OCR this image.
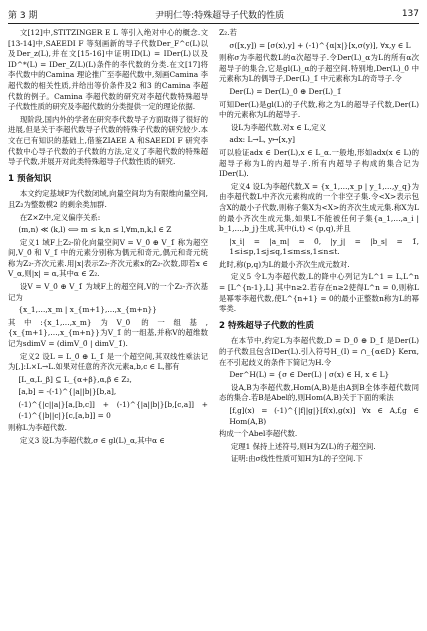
第 3 期	尹明仁等:特殊超导子代数的性质	137

文[12]中,STITZINGER E L 等引入绝对中心的概念.文[13-14]中,SAEEDI F 等刻画新的导子代数Der_F^c(L)以及Der_z(L),并在文[15-16]中证明ID(L) = IDer(L)以及ID^*(L) = IDer_Z(L)(L)条件的李代数的分类.在文[17]将李代数中的Camina 理论推广至李超代数中,刻画Camina 李超代数的相关性质,并给出等价条件及2 和3 的Camina 李超代数的例子。Camina 李超代数的研究对李超代数特殊超导子代数性质的研究及李超代数的分类提供一定的理论依据.

现阶段,国内外的学者在研究李代数导子方面取得了很好的进展,但是关于李超代数导子代数的特殊子代数的研究较少.本文在已有知识的基础上,借鉴ZIAEE A 和SAEEDI F 研究李代数中心导子代数的子代数的方法,定义了李超代数的特殊超导子代数,并展开对此类特殊超导子代数性质的研究.

1 预备知识

本文约定基域F为代数闭域,向量空间均为有限维向量空间,且Z₂为整数模2 的剩余类加群.

在Z×Z中,定义偏序关系:

(m,n) ≪ (k,l) ⟺ m ≤ k,n ≤ l,∀m,n,k,l ∈ Z

定义1 域F上Z₂-阶化向量空间V = V_0̄ ⊕ V_1̄ 称为超空间,V_0̄ 和 V_1̄ 中的元素分别称为偶元和奇元,偶元和奇元统称为Z₂-齐次元素.用|x|表示Z₂-齐次元素x的Z₂-次数,即若x ∈ V_α,则|x| = α,其中α ∈ Z₂.

设V = V_0̄ ⊕ V_1̄ 为域F上的超空间,V的一个Z₂-齐次基记为

{x_1,…,x_m | x_{m+1},…,x_{m+n}}

其中:{x_1,…,x_m}为V_0̄ 的一组基,{x_{m+1},…,x_{m+n}}为V_1̄ 的一组基,并称V的超维数记为sdimV = (dimV_0̄ | dimV_1̄).

定义2 设L = L_0̄ ⊕ L_1̄ 是一个超空间,其双线性乘法记为[,]:L×L→L.如果对任意的齐次元素a,b,c ∈ L,都有

[L_α,L_β] ⊆ L_{α+β},α,β ∈ Z₂,

[a,b] = -(-1)^{|a||b|}[b,a],

(-1)^{|c||a|}[a,[b,c]] + (-1)^{|a||b|}[b,[c,a]] + (-1)^{|b||c|}[c,[a,b]] = 0

则称L为李超代数.

定义3 设L为李超代数,σ ∈ gl(L)_α,其中α ∈

Z₂.若

σ([x,y]) = [σ(x),y] + (-1)^{α|x|}[x,σ(y)], ∀x,y ∈ L

则称σ为李超代数L的α次超导子.令Der(L)_α为L的所有α次超导子的集合,它是gl(L)_α的子超空间.特别地,Der(L)_0̄ 中元素称为L的偶导子,Der(L)_1̄ 中元素称为L的奇导子.令

Der(L) = Der(L)_0̄ ⊕ Der(L)_1̄

可知Der(L)是gl(L)的子代数,称之为L的超导子代数,Der(L)中的元素称为L的超导子.

设L为李超代数.对x ∈ L,定义

adx: L→L, y↦[x,y]

可以验证adx ∈ Der(L),x ∈ L_α.一般地,形如adx(x ∈ L)的超导子称为L的内超导子.所有内超导子构成的集合记为IDer(L).

定义4 设L为李超代数,X = {x_1,…,x_p | y_1,…,y_q}为由李超代数L中齐次元素构成的一个非空子集.令<X>表示包含X的最小子代数,则称子集X为<X>的齐次生成元集.称X为L的最小齐次生成元集,如果L不能被任何子集{a_1,…,a_i | b_1,…,b_j}生成,其中(i,t) < (p,q),并且

|x_i| = |a_m| = 0̄, |y_j| = |b_s| = 1̄, 1≤i≤p,1≤j≤q,1≤m≤s,1≤n≤t.

此时,称(p,q)为L的最小齐次生成元数对.

定义5 令L为李超代数,L的降中心列记为L^1 = L,L^n = [L^{n-1},L] 其中n≥2.若存在n≥2使得L^n = 0,则称L是幂零李超代数,使L^{n+1} = 0的最小正整数n称为L的幂零类.

2 特殊超导子代数的性质

在本节中,约定L为李超代数,D = D_0̄ ⊕ D_1̄ 是Der(L)的子代数且包含IDer(L).引入符号H_(I) = ∩_{α∈D} Kerα,在不引起歧义的条件下简记为H.令

Der^H(L) = {σ ∈ Der(L) | σ(x) ∈ H, x ∈ L}

设A,B为李超代数,Hom(A,B)是由A到B全体李超代数同态的集合.若B是Abel的,则Hom(A,B)关于下面的乘法

[f,g](x) = (-1)^{|f||g|}[f(x),g(x)] ∀x ∈ A,f,g ∈ Hom(A,B)

构成一个Abel李超代数.

定理1 保持上述符号,则H为Z(L)的子超空间.

证明:由σ线性性质可知H为L的子空间.下
